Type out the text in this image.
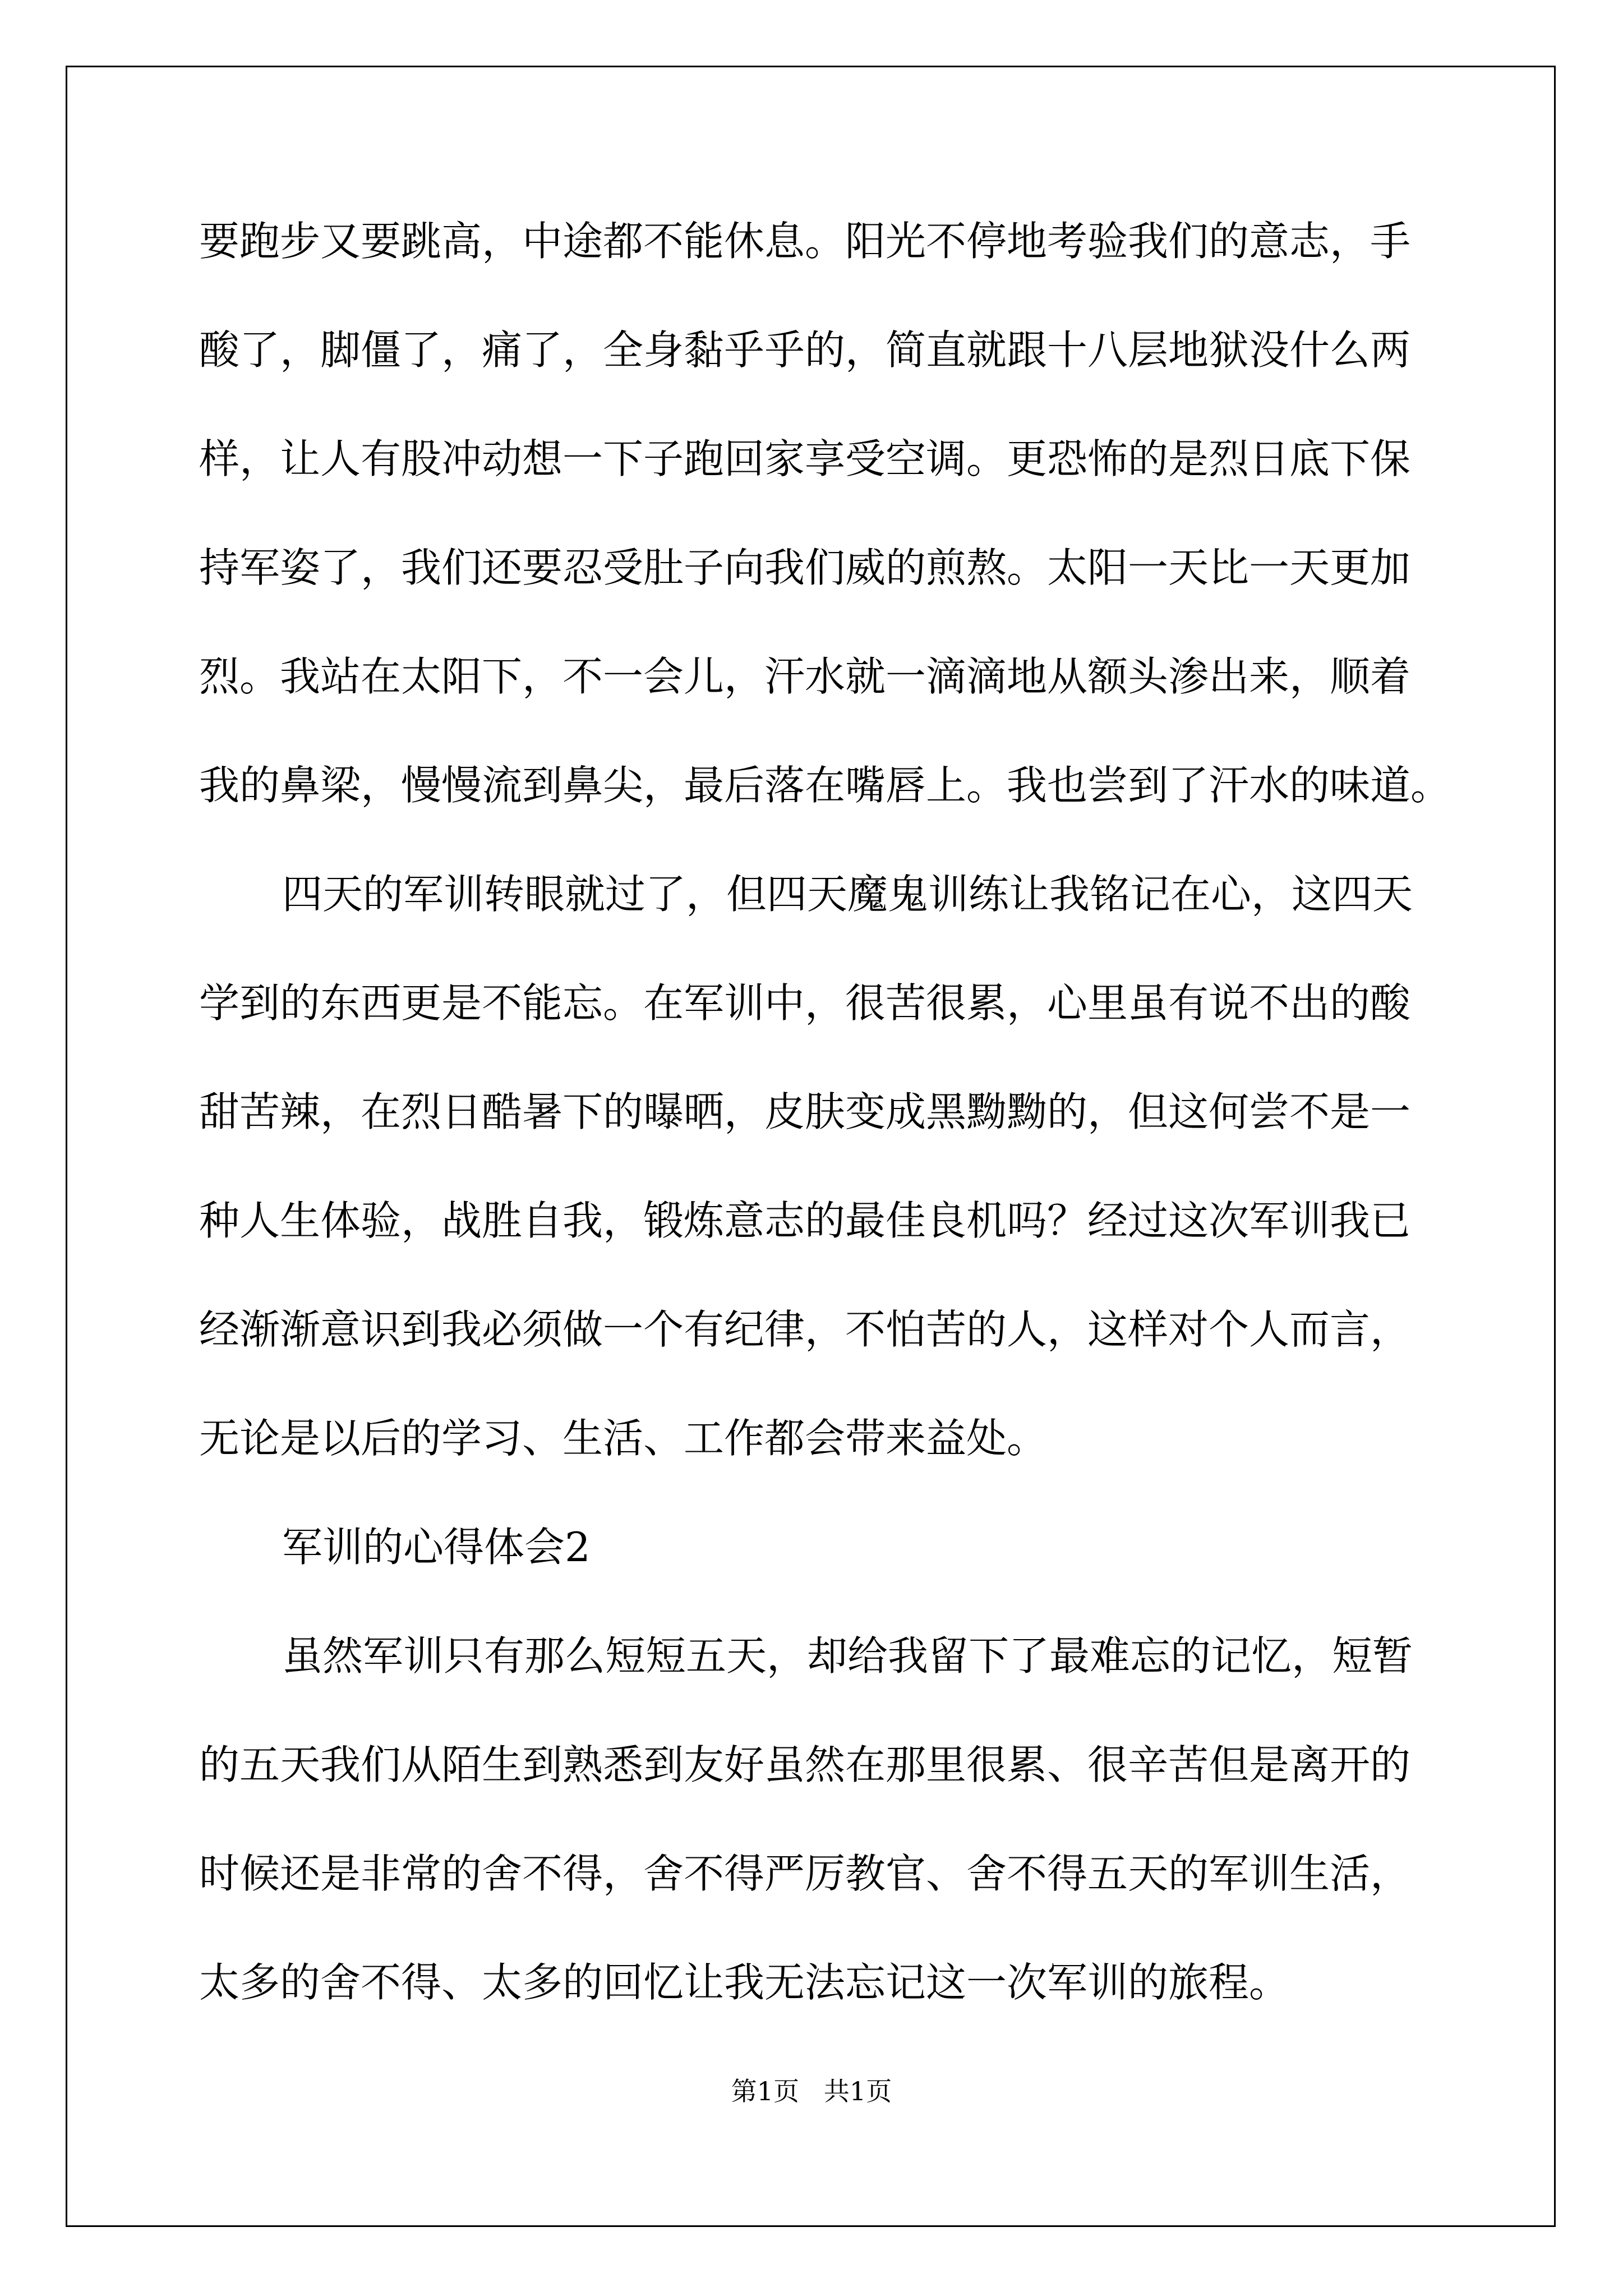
要跑步又要跳高，中途都不能休息。阳光不停地考验我们的意志，手
酸了，脚僵了，痛了，全身黏乎乎的，简直就跟十八层地狱没什么两
样，让人有股冲动想一下子跑回家享受空调。更恐怖的是烈日底下保
持军姿了，我们还要忍受肚子向我们威的煎熬。太阳一天比一天更加
烈。我站在太阳下，不一会儿，汗水就一滴滴地从额头渗出来，顺着
我的鼻梁，慢慢流到鼻尖，最后落在嘴唇上。我也尝到了汗水的味道。
四天的军训转眼就过了，但四天魔鬼训练让我铭记在心，这四天
学到的东西更是不能忘。在军训中，很苦很累，心里虽有说不出的酸
甜苦辣，在烈日酷暑下的曝晒，皮肤变成黑黝黝的，但这何尝不是一
种人生体验，战胜自我，锻炼意志的最佳良机吗？经过这次军训我已
经渐渐意识到我必须做一个有纪律，不怕苦的人，这样对个人而言，
无论是以后的学习、生活、工作都会带来益处。
军训的心得体会2
虽然军训只有那么短短五天，却给我留下了最难忘的记忆，短暂
的五天我们从陌生到熟悉到友好虽然在那里很累、很辛苦但是离开的
时候还是非常的舍不得，舍不得严厉教官、舍不得五天的军训生活，
太多的舍不得、太多的回忆让我无法忘记这一次军训的旅程。
第1页   共1页
